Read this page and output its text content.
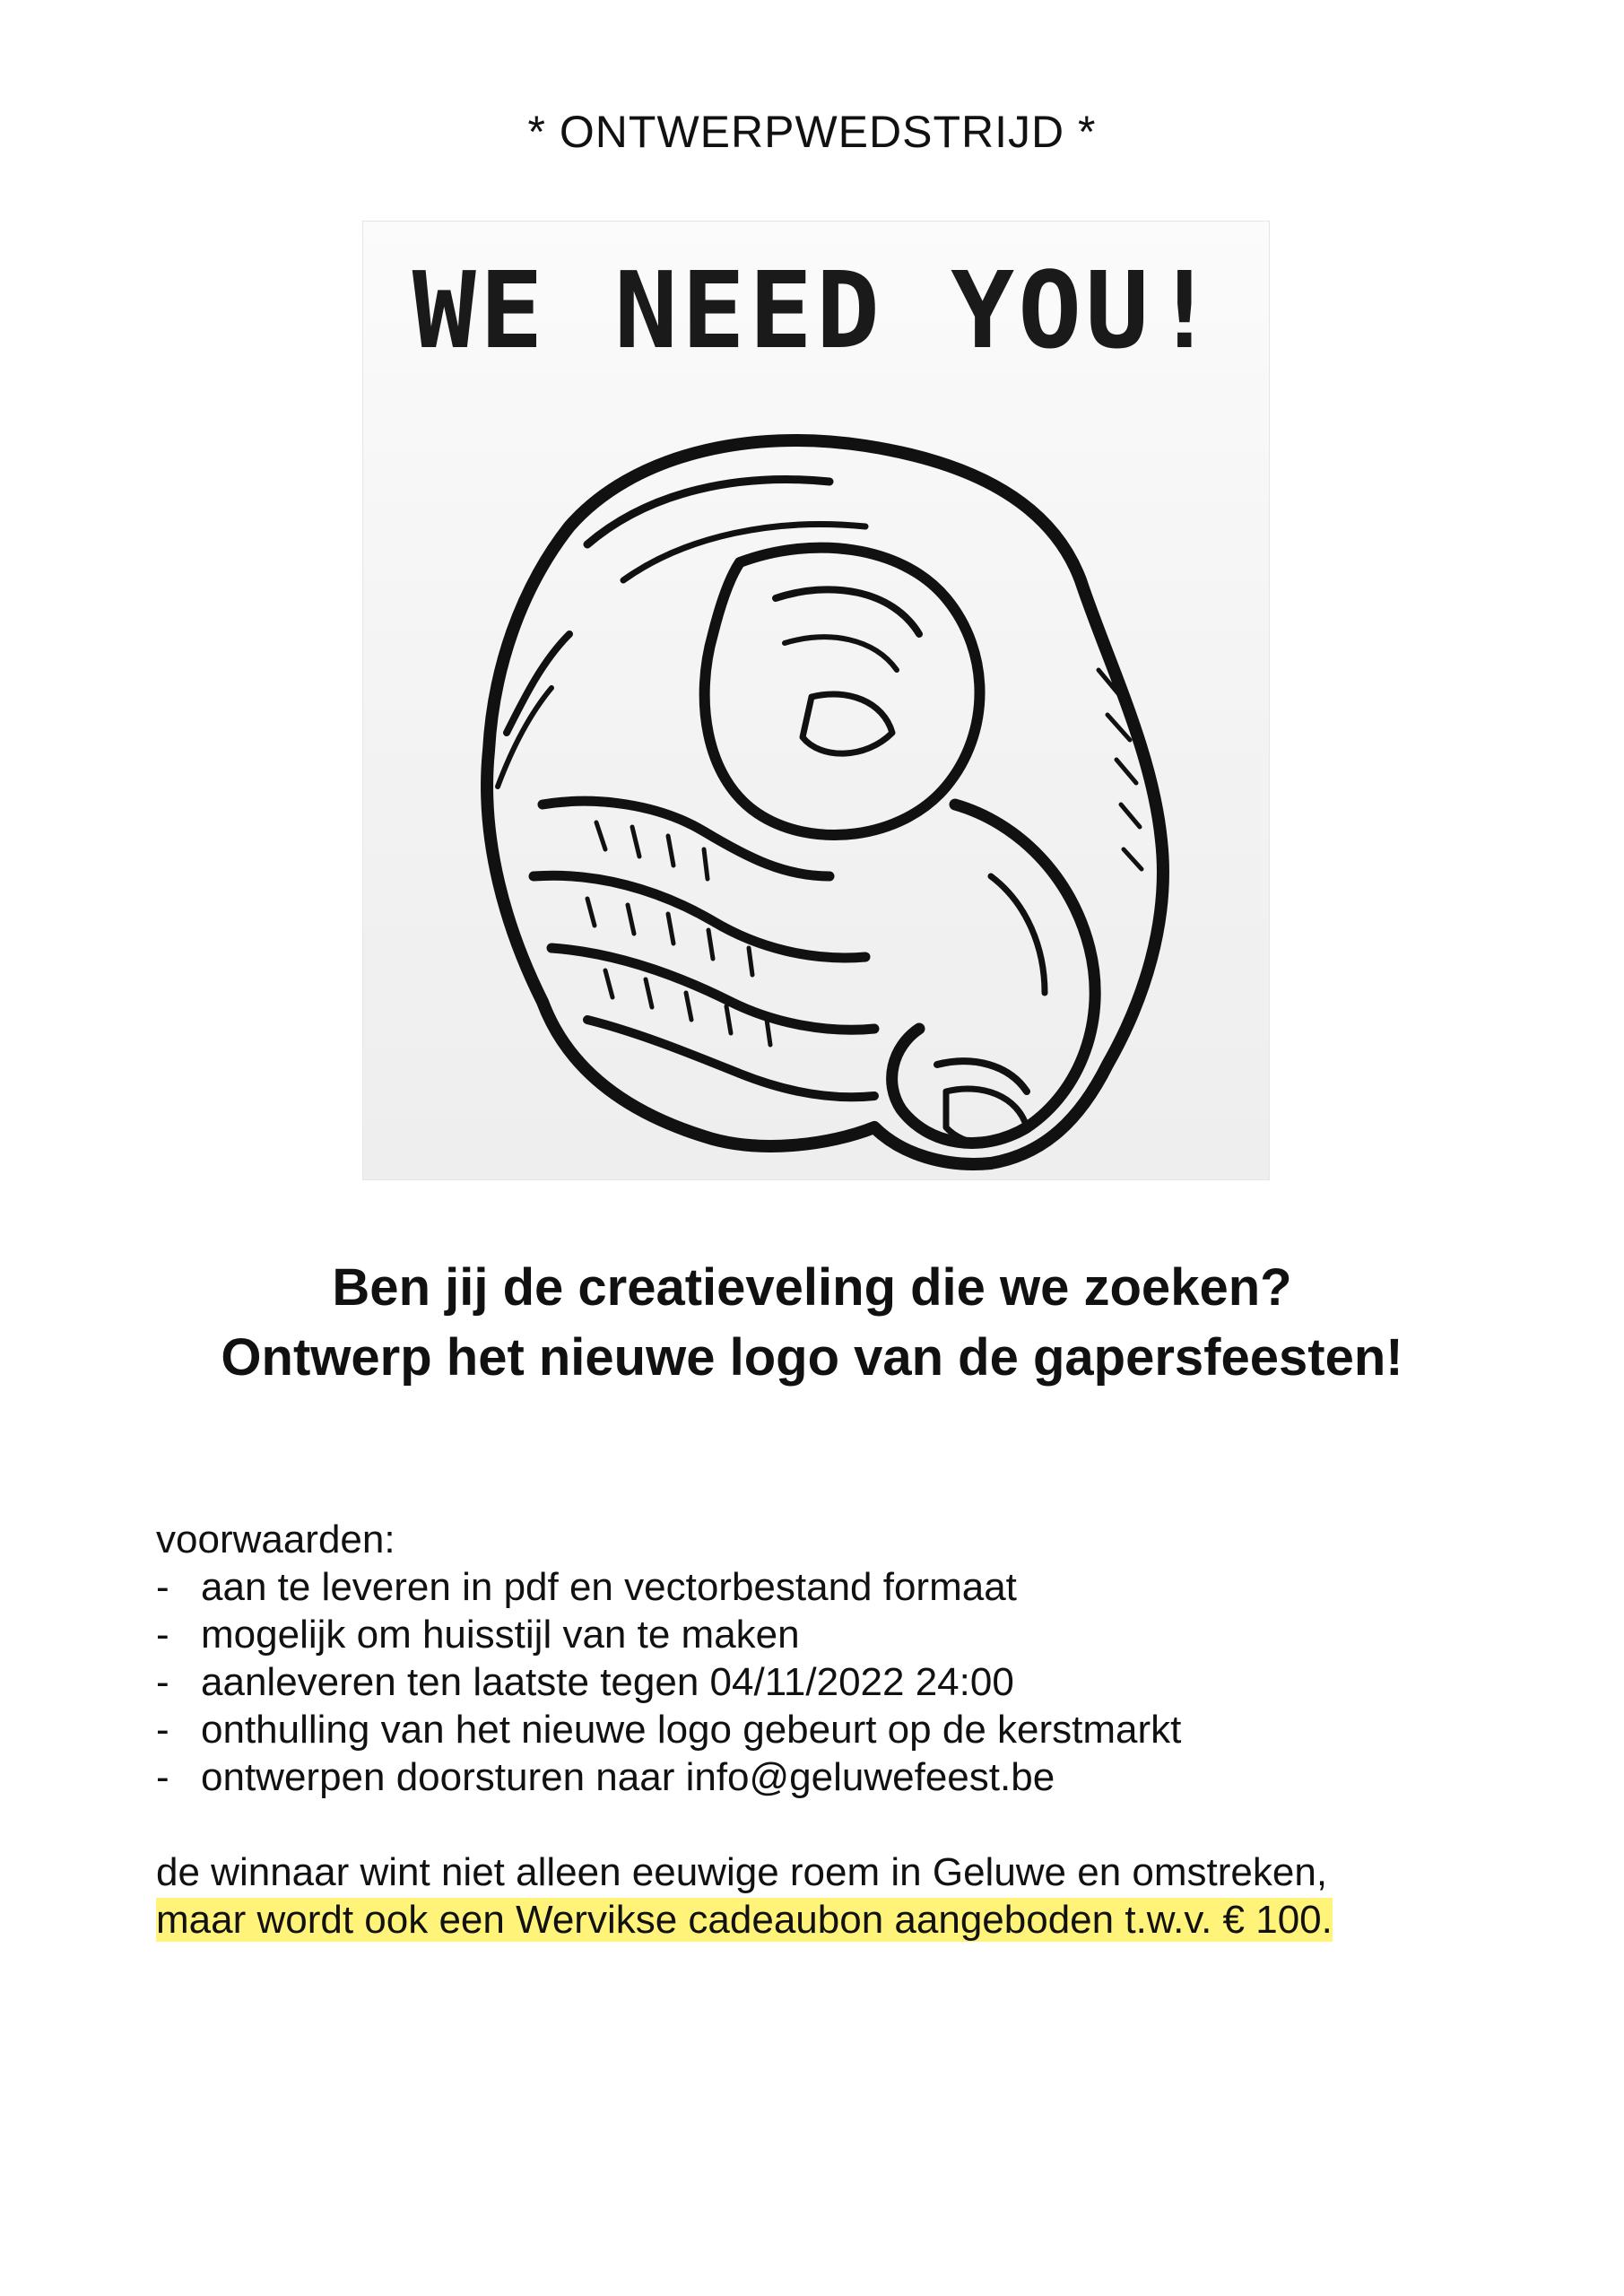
* ONTWERPWEDSTRIJD *
WE NEED YOU!
Ben jij de creatieveling die we zoeken?
Ontwerp het nieuwe logo van de gapersfeesten!
voorwaarden:
- aan te leveren in pdf en vectorbestand formaat
- mogelijk om huisstijl van te maken
- aanleveren ten laatste tegen 04/11/2022 24:00
- onthulling van het nieuwe logo gebeurt op de kerstmarkt
- ontwerpen doorsturen naar info@geluwefeest.be
de winnaar wint niet alleen eeuwige roem in Geluwe en omstreken,
maar wordt ook een Wervikse cadeaubon aangeboden t.w.v. € 100.
